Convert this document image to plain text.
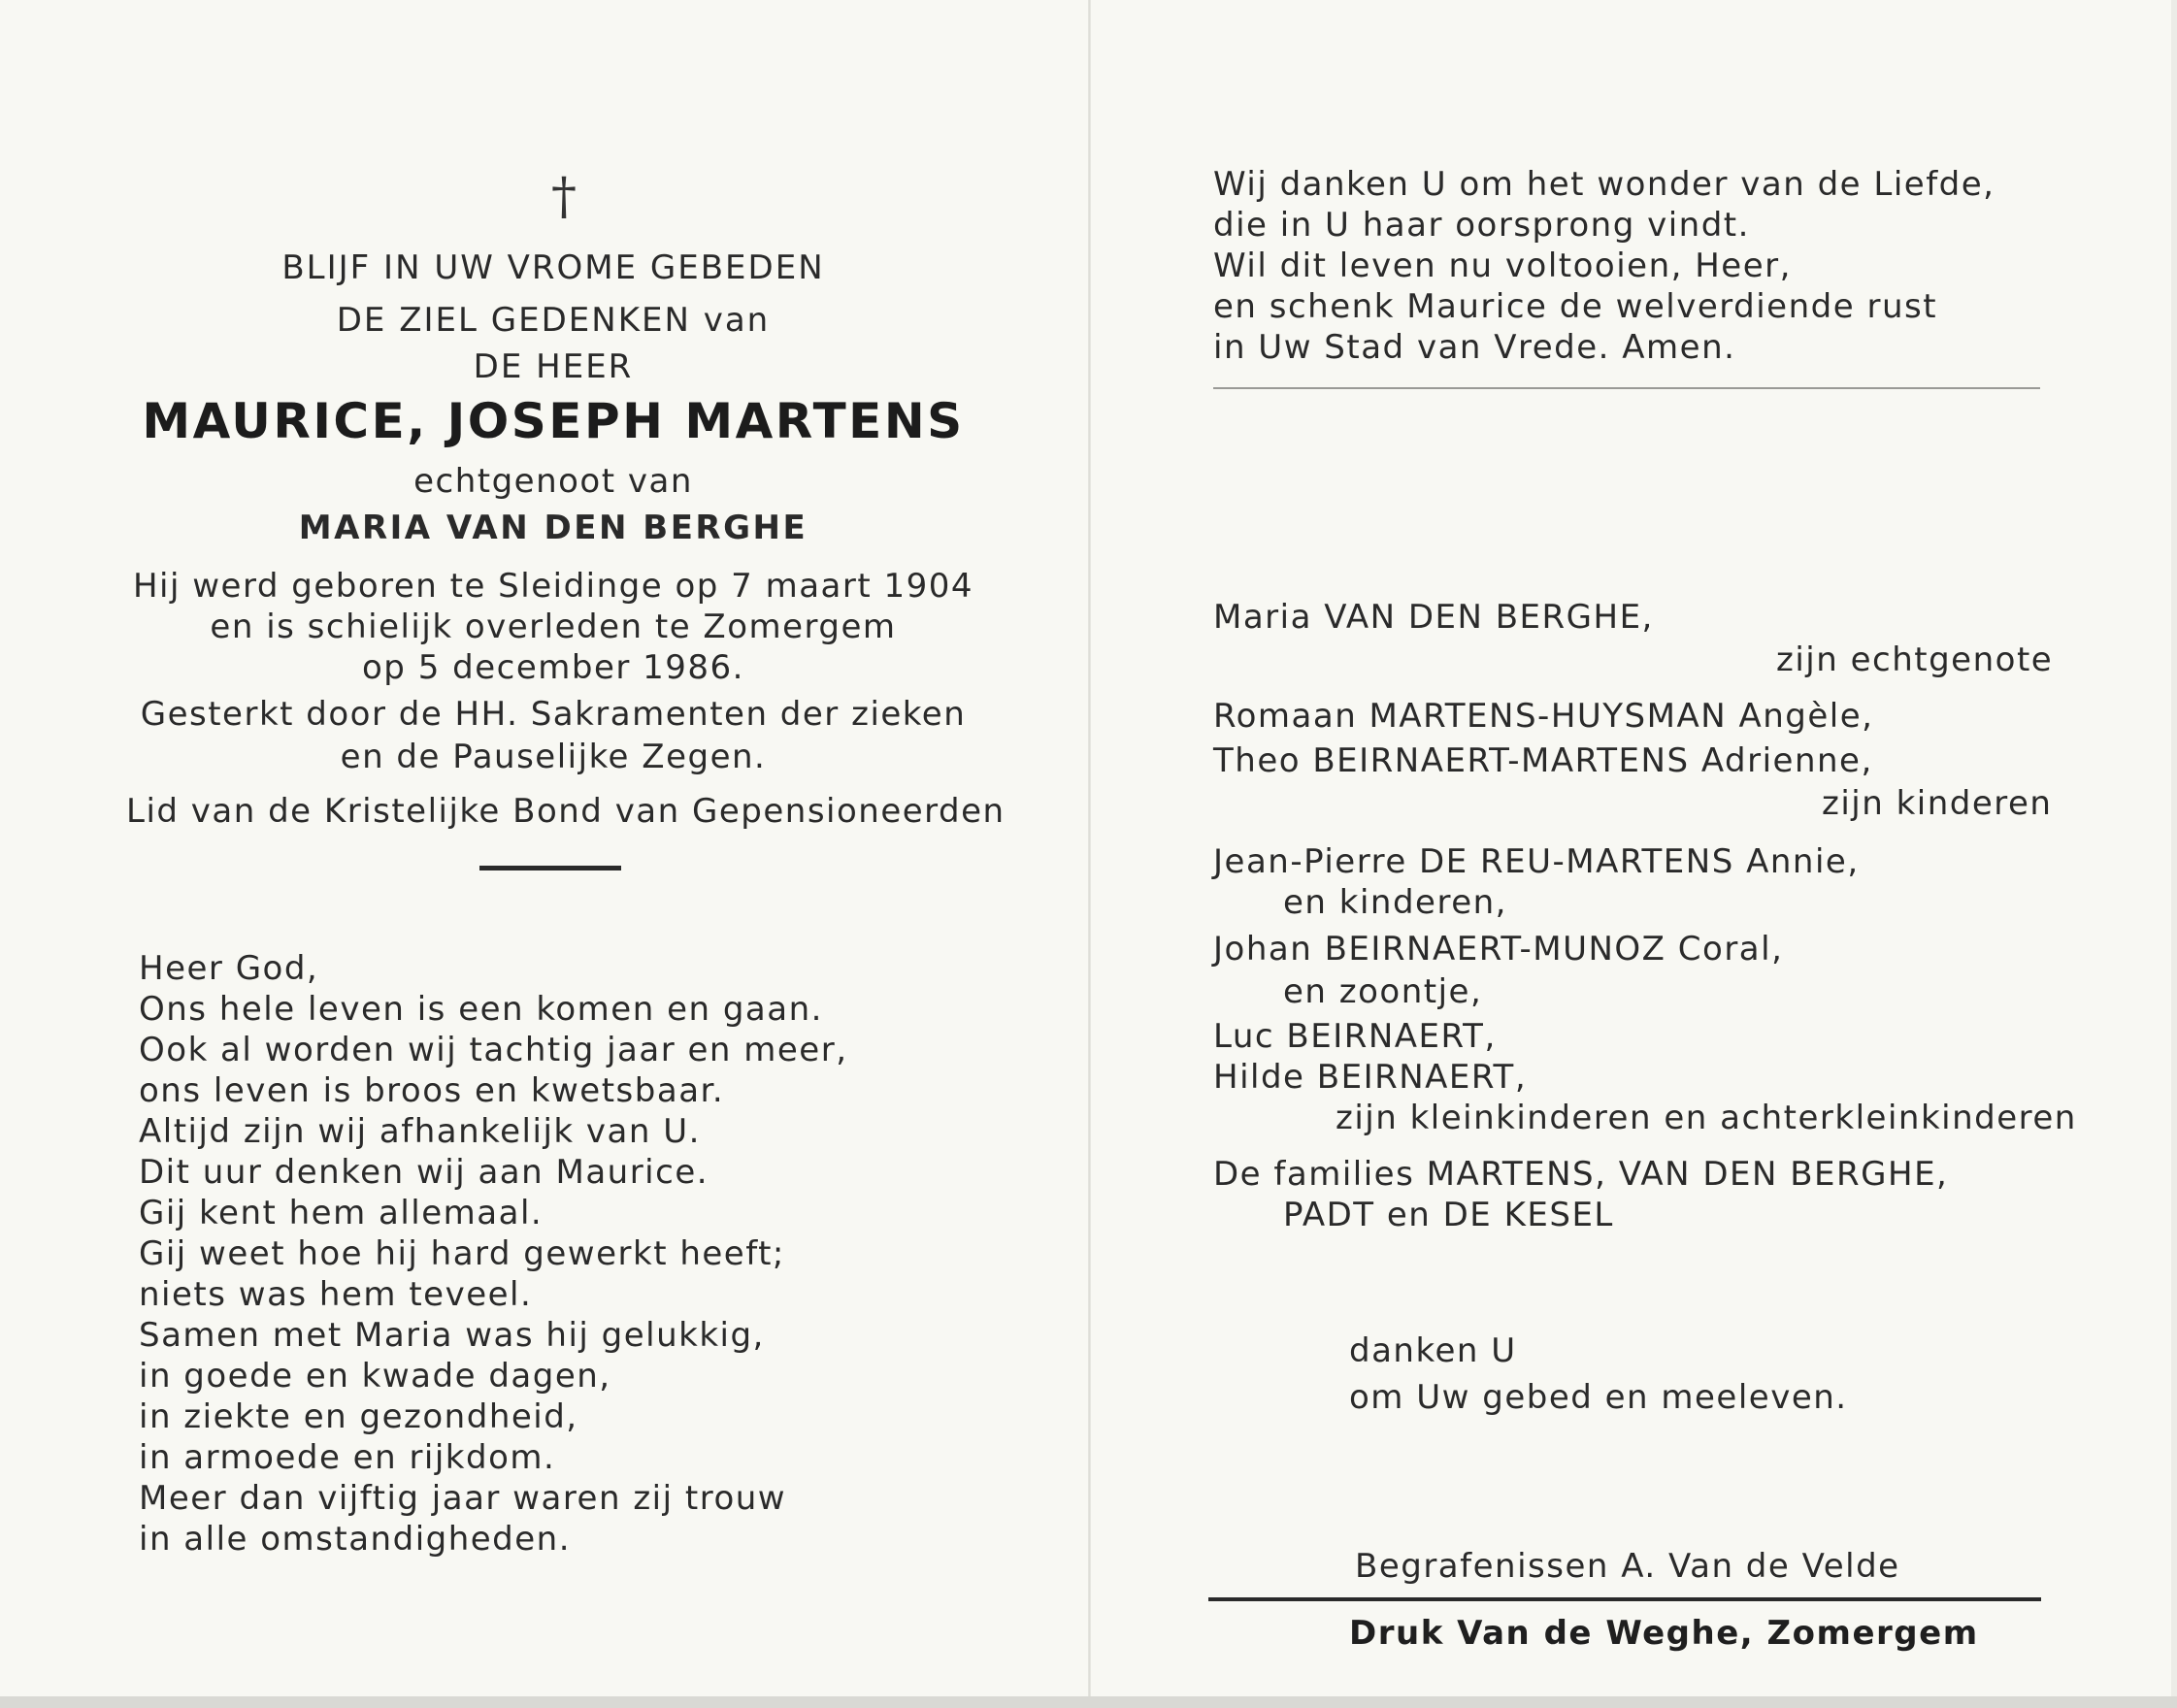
†
BLIJF IN UW VROME GEBEDEN
DE ZIEL GEDENKEN van
DE HEER
MAURICE, JOSEPH MARTENS
echtgenoot van
MARIA VAN DEN BERGHE
Hij werd geboren te Sleidinge op 7 maart 1904
en is schielijk overleden te Zomergem
op 5 december 1986.
Gesterkt door de HH. Sakramenten der zieken
en de Pauselijke Zegen.
Lid van de Kristelijke Bond van Gepensioneerden
Heer God,
Ons hele leven is een komen en gaan.
Ook al worden wij tachtig jaar en meer,
ons leven is broos en kwetsbaar.
Altijd zijn wij afhankelijk van U.
Dit uur denken wij aan Maurice.
Gij kent hem allemaal.
Gij weet hoe hij hard gewerkt heeft;
niets was hem teveel.
Samen met Maria was hij gelukkig,
in goede en kwade dagen,
in ziekte en gezondheid,
in armoede en rijkdom.
Meer dan vijftig jaar waren zij trouw
in alle omstandigheden.
Wij danken U om het wonder van de Liefde,
die in U haar oorsprong vindt.
Wil dit leven nu voltooien, Heer,
en schenk Maurice de welverdiende rust
in Uw Stad van Vrede. Amen.
Maria VAN DEN BERGHE,
zijn echtgenote
Romaan MARTENS-HUYSMAN Angèle,
Theo BEIRNAERT-MARTENS Adrienne,
zijn kinderen
Jean-Pierre DE REU-MARTENS Annie,
en kinderen,
Johan BEIRNAERT-MUNOZ Coral,
en zoontje,
Luc BEIRNAERT,
Hilde BEIRNAERT,
zijn kleinkinderen en achterkleinkinderen
De families MARTENS, VAN DEN BERGHE,
PADT en DE KESEL
danken U
om Uw gebed en meeleven.
Begrafenissen A. Van de Velde
Druk Van de Weghe, Zomergem
